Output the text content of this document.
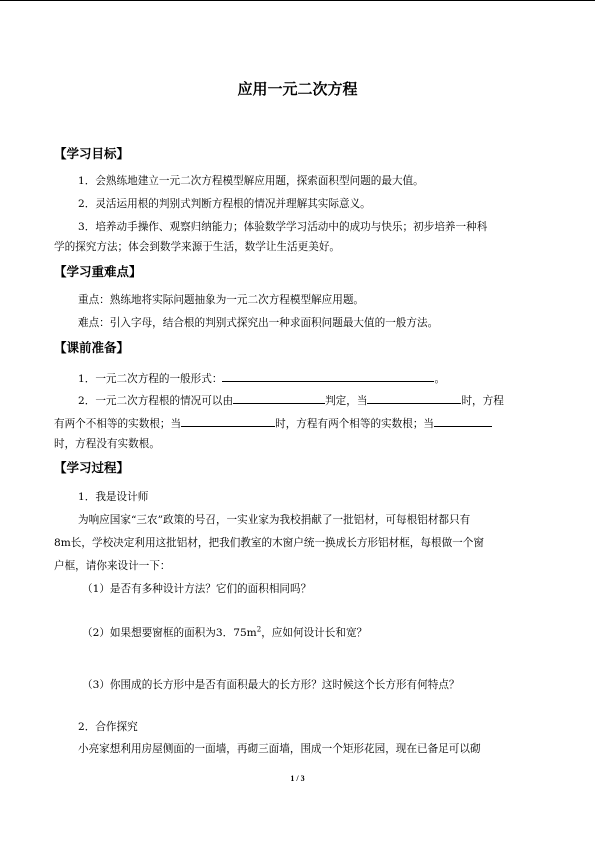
应用一元二次方程
【学习目标】
1．会熟练地建立一元二次方程模型解应用题，探索面积型问题的最大值。
2．灵活运用根的判别式判断方程根的情况并理解其实际意义。
3．培养动手操作、观察归纳能力；体验数学学习活动中的成功与快乐；初步培养一种科
学的探究方法；体会到数学来源于生活，数学让生活更美好。
【学习重难点】
重点：熟练地将实际问题抽象为一元二次方程模型解应用题。
难点：引入字母，结合根的判别式探究出一种求面积问题最大值的一般方法。
【课前准备】
1．一元二次方程的一般形式：	。
2．一元二次方程根的情况可以由	判定，当	时，方程
有两个不相等的实数根；当	时，方程有两个相等的实数根；当
时，方程没有实数根。
【学习过程】
1．我是设计师
为响应国家“三农”政策的号召，一实业家为我校捐献了一批铝材，可每根铝材都只有
8m长，学校决定利用这批铝材，把我们教室的木窗户统一换成长方形铝材框，每根做一个窗
户框，请你来设计一下：
（1）是否有多种设计方法？它们的面积相同吗？
（2）如果想要窗框的面积为3．$75m^2$，应如何设计长和宽？
（3）你围成的长方形中是否有面积最大的长方形？这时候这个长方形有何特点？
2．合作探究
小亮家想利用房屋侧面的一面墙，再砌三面墙，围成一个矩形花园，现在已备足可以砌
1 / 3
